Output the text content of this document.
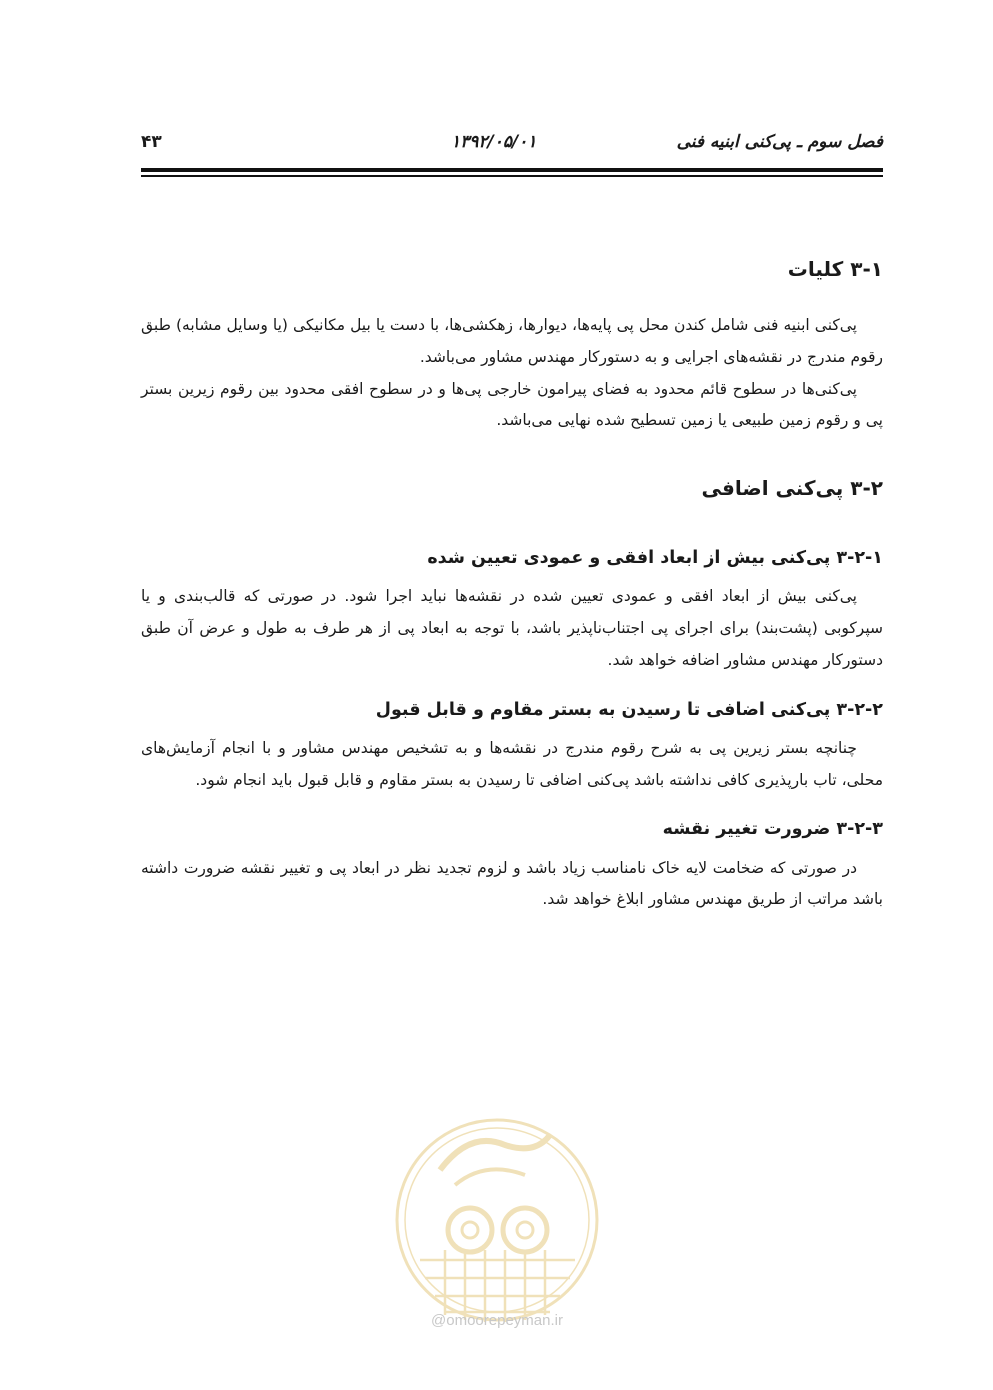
فصل سوم ـ پی‌کنی ابنیه فنی
۱۳۹۲/۰۵/۰۱
۴۳
۳-۱ کلیات

پی‌کنی ابنیه فنی شامل کندن محل پی پایه‌ها، دیوارها، زهکشی‌ها، با دست یا بیل مکانیکی (یا وسایل مشابه) طبق رقوم مندرج در نقشه‌های اجرایی و به دستورکار مهندس مشاور می‌باشد.

پی‌کنی‌ها در سطوح قائم محدود به فضای پیرامون خارجی پی‌ها و در سطوح افقی محدود بین رقوم زیرین بستر پی و رقوم زمین طبیعی یا زمین تسطیح شده نهایی می‌باشد.

۳-۲ پی‌کنی اضافی
۳-۲-۱ پی‌کنی بیش از ابعاد افقی و عمودی تعیین شده

پی‌کنی بیش از ابعاد افقی و عمودی تعیین شده در نقشه‌ها نباید اجرا شود. در صورتی که قالب‌بندی و یا سپرکوبی (پشت‌بند) برای اجرای پی اجتناب‌ناپذیر باشد، با توجه به ابعاد پی از هر طرف به طول و عرض آن طبق دستورکار مهندس مشاور اضافه خواهد شد.

۳-۲-۲ پی‌کنی اضافی تا رسیدن به بستر مقاوم و قابل قبول

چنانچه بستر زیرین پی به شرح رقوم مندرج در نقشه‌ها و به تشخیص مهندس مشاور و با انجام آزمایش‌های محلی، تاب بارپذیری کافی نداشته باشد پی‌کنی اضافی تا رسیدن به بستر مقاوم و قابل قبول باید انجام شود.

۳-۲-۳ ضرورت تغییر نقشه

در صورتی که ضخامت لایه خاک نامناسب زیاد باشد و لزوم تجدید نظر در ابعاد پی و تغییر نقشه ضرورت داشته باشد مراتب از طریق مهندس مشاور ابلاغ خواهد شد.

@omoorepeyman.ir
